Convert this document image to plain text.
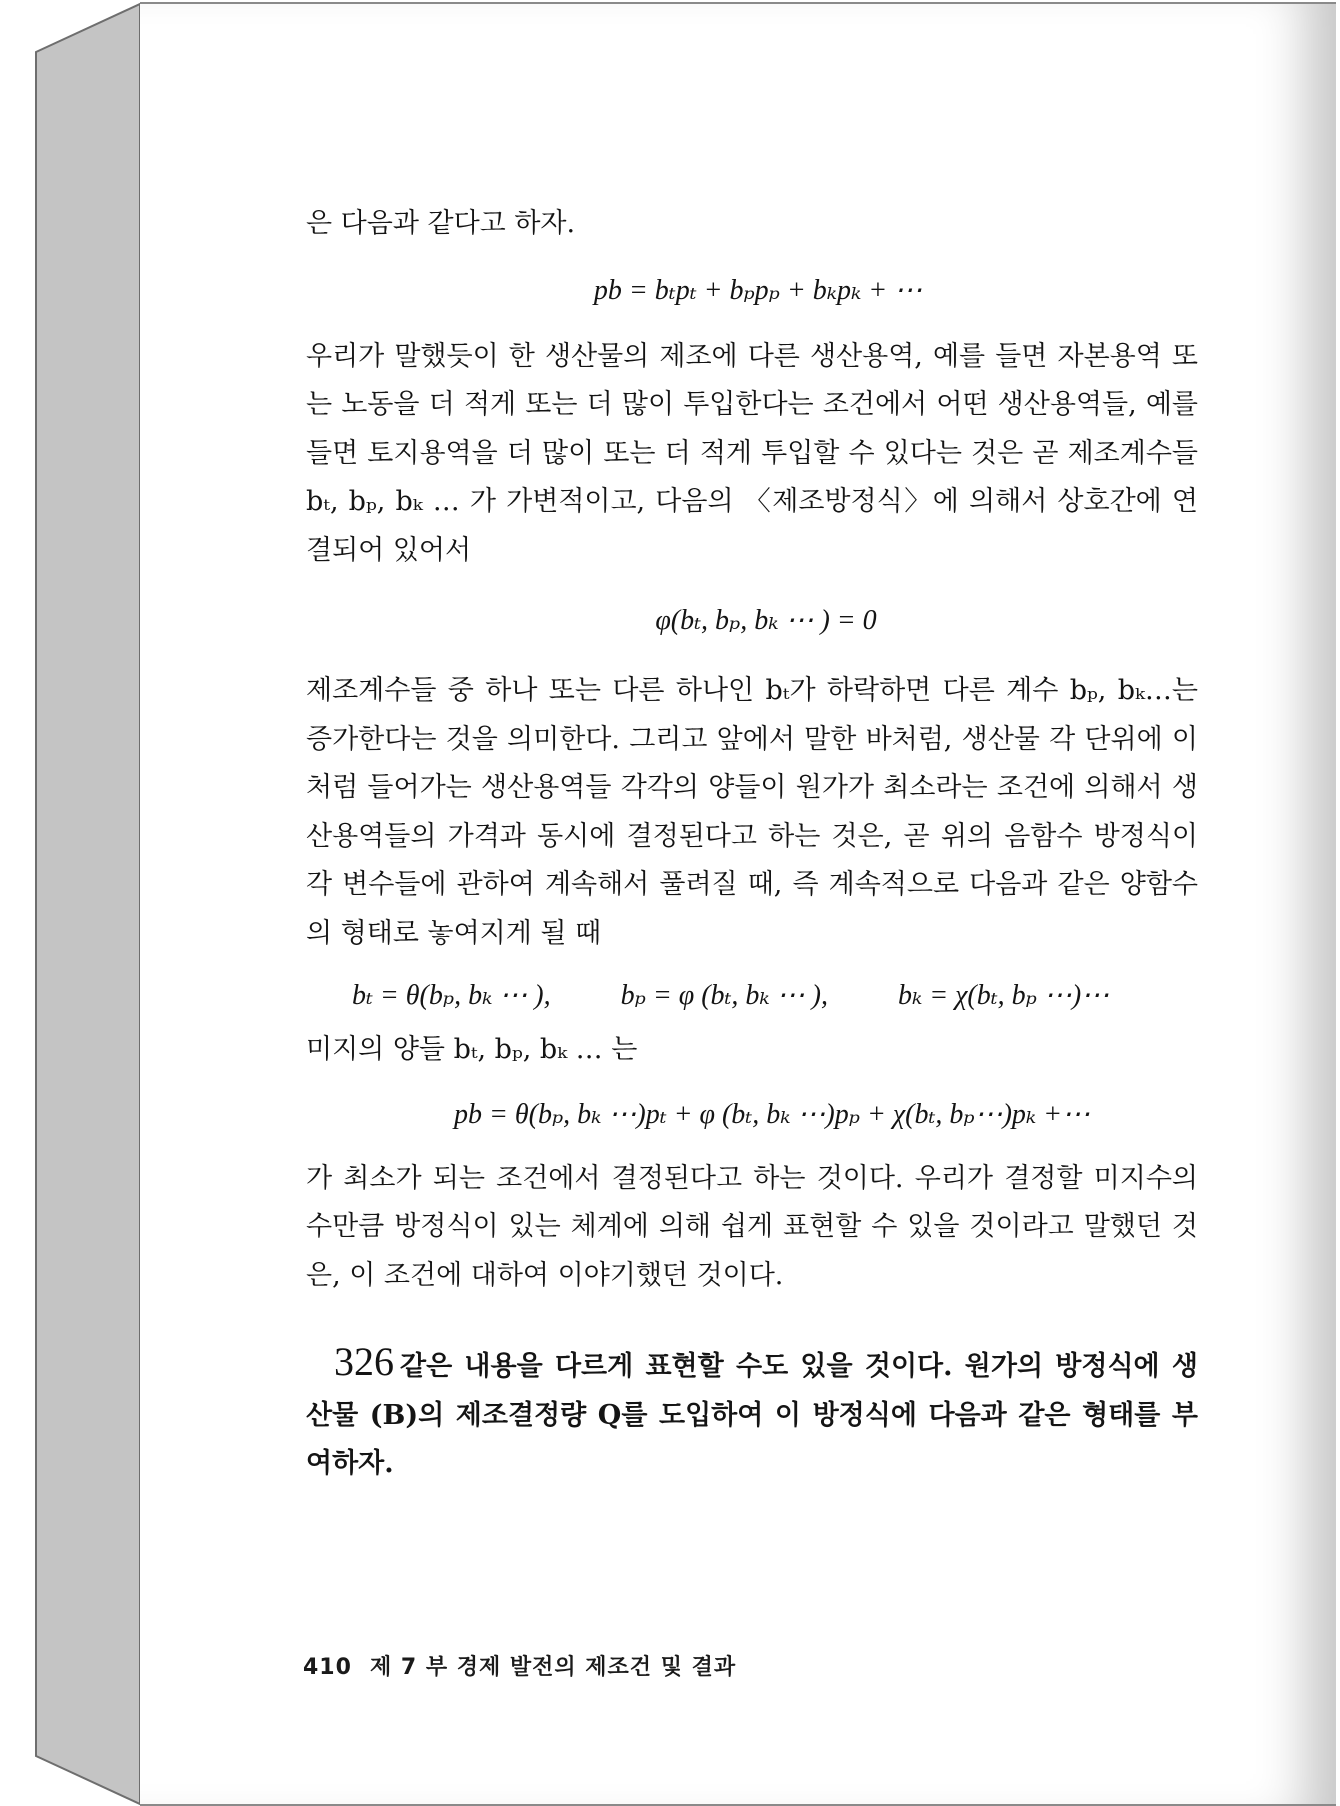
은 다음과 같다고 하자.

pb = bₜpₜ + bₚpₚ + bₖpₖ + ⋯

우리가 말했듯이 한 생산물의 제조에 다른 생산용역, 예를 들면 자본용역 또는 노동을 더 적게 또는 더 많이 투입한다는 조건에서 어떤 생산용역들, 예를 들면 토지용역을 더 많이 또는 더 적게 투입할 수 있다는 것은 곧 제조계수들 bₜ, bₚ, bₖ … 가 가변적이고, 다음의 〈제조방정식〉에 의해서 상호간에 연결되어 있어서

φ(bₜ, bₚ, bₖ ⋯ ) = 0

제조계수들 중 하나 또는 다른 하나인 bₜ가 하락하면 다른 계수 bₚ, bₖ…는 증가한다는 것을 의미한다. 그리고 앞에서 말한 바처럼, 생산물 각 단위에 이처럼 들어가는 생산용역들 각각의 양들이 원가가 최소라는 조건에 의해서 생산용역들의 가격과 동시에 결정된다고 하는 것은, 곧 위의 음함수 방정식이 각 변수들에 관하여 계속해서 풀려질 때, 즉 계속적으로 다음과 같은 양함수의 형태로 놓여지게 될 때

bₜ = θ(bₚ, bₖ ⋯ ),	bₚ = φ (bₜ, bₖ ⋯ ),	bₖ = χ(bₜ, bₚ ⋯)⋯

미지의 양들 bₜ, bₚ, bₖ … 는

pb = θ(bₚ, bₖ ⋯)pₜ + φ (bₜ, bₖ ⋯)pₚ + χ(bₜ, bₚ⋯)pₖ +⋯

가 최소가 되는 조건에서 결정된다고 하는 것이다. 우리가 결정할 미지수의 수만큼 방정식이 있는 체계에 의해 쉽게 표현할 수 있을 것이라고 말했던 것은, 이 조건에 대하여 이야기했던 것이다.

326 같은 내용을 다르게 표현할 수도 있을 것이다. 원가의 방정식에 생산물 (B)의 제조결정량 Q를 도입하여 이 방정식에 다음과 같은 형태를 부여하자.

410 제 7 부 경제 발전의 제조건 및 결과
